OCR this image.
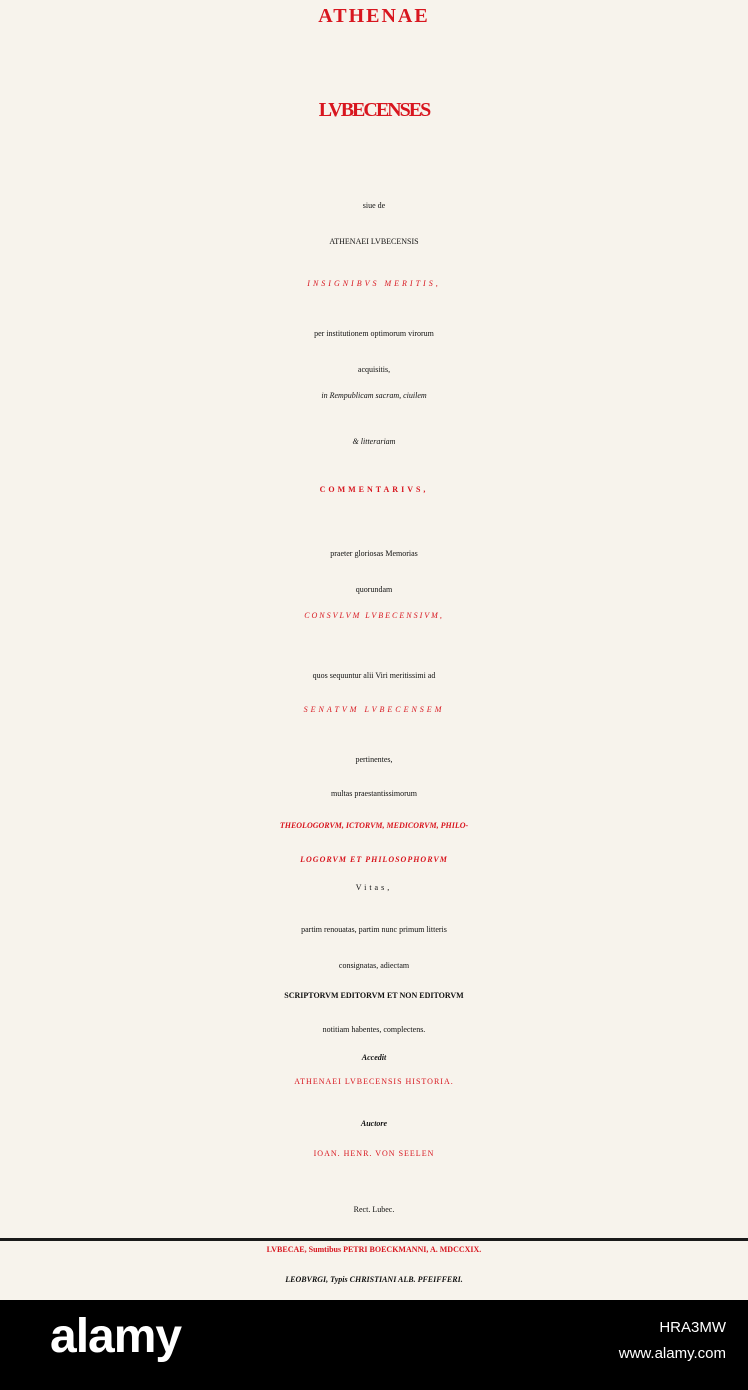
ATHENAE
LVBECENSES
siue de
ATHENAEI LVBECENSIS
INSIGNIBVS MERITIS,
per institutionem optimorum virorum
acquisitis,
in Rempublicam sacram, ciuilem
& litterariam
COMMENTARIVS,
praeter gloriosas Memorias
quorundam
CONSVLVM LVBECENSIVM,
quos sequuntur alii Viri meritissimi ad
SENATVM LVBECENSEM
pertinentes,
multas praestantissimorum
THEOLOGORVM, ICTORVM, MEDICORVM, PHILO-
LOGORVM ET PHILOSOPHORVM
Vitas,
partim renouatas, partim nunc primum litteris
consignatas, adiectam
SCRIPTORVM EDITORVM ET NON EDITORVM
notitiam habentes, complectens.
Accedit
ATHENAEI LVBECENSIS HISTORIA.
Auctore
IOAN. HENR. VON SEELEN
Rect. Lubec.
LVBECAE, Sumtibus PETRI BOECKMANNI, A. MDCCXIX.
LEOBVRGI, Typis CHRISTIANI ALB. PFEIFFERI.
alamy	HRA3MW
www.alamy.com
